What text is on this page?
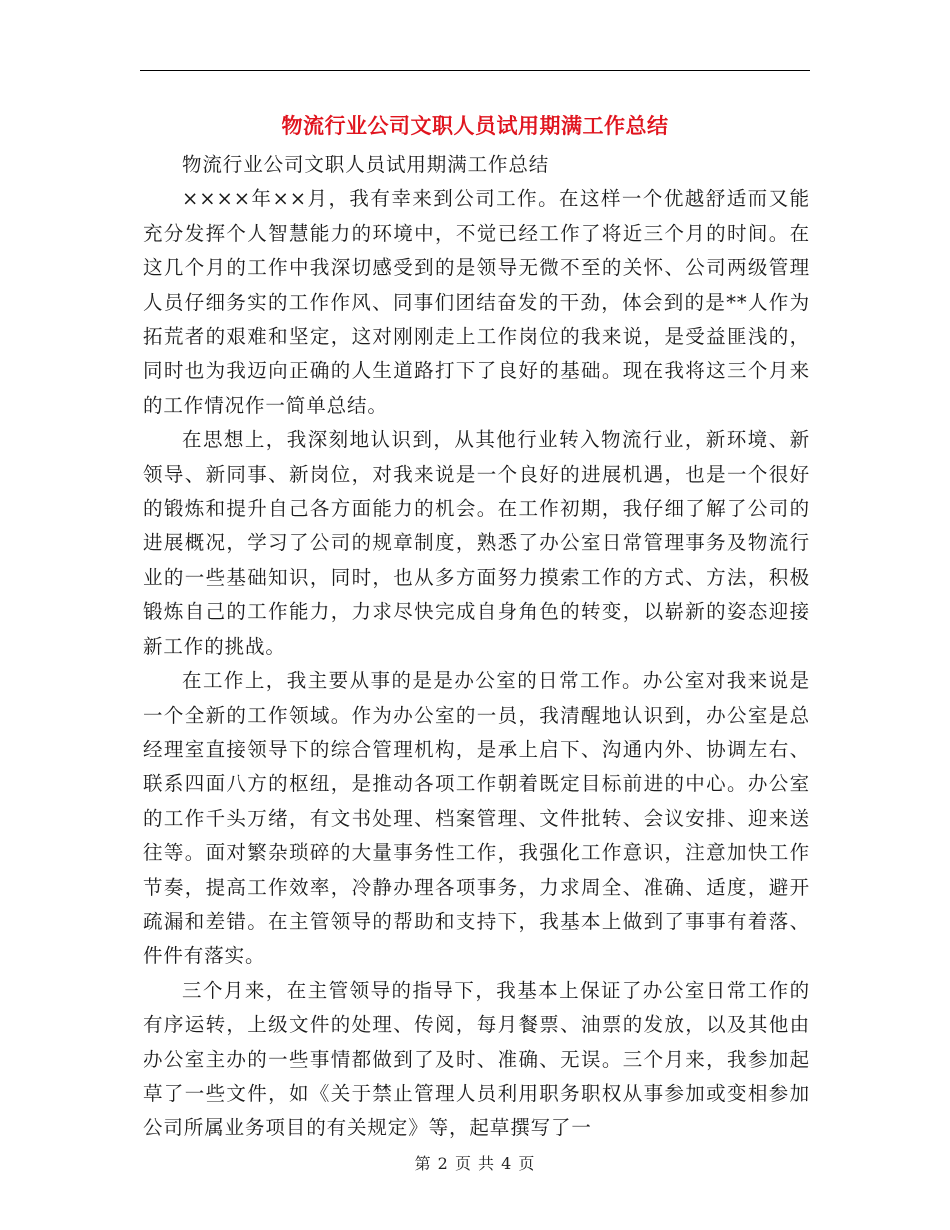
物流行业公司文职人员试用期满工作总结

物流行业公司文职人员试用期满工作总结

××××年××月，我有幸来到公司工作。在这样一个优越舒适而又能充分发挥个人智慧能力的环境中，不觉已经工作了将近三个月的时间。在这几个月的工作中我深切感受到的是领导无微不至的关怀、公司两级管理人员仔细务实的工作作风、同事们团结奋发的干劲，体会到的是**人作为拓荒者的艰难和坚定，这对刚刚走上工作岗位的我来说，是受益匪浅的，同时也为我迈向正确的人生道路打下了良好的基础。现在我将这三个月来的工作情况作一简单总结。

在思想上，我深刻地认识到，从其他行业转入物流行业，新环境、新领导、新同事、新岗位，对我来说是一个良好的进展机遇，也是一个很好的锻炼和提升自己各方面能力的机会。在工作初期，我仔细了解了公司的进展概况，学习了公司的规章制度，熟悉了办公室日常管理事务及物流行业的一些基础知识，同时，也从多方面努力摸索工作的方式、方法，积极锻炼自己的工作能力，力求尽快完成自身角色的转变，以崭新的姿态迎接新工作的挑战。

在工作上，我主要从事的是是办公室的日常工作。办公室对我来说是一个全新的工作领域。作为办公室的一员，我清醒地认识到，办公室是总经理室直接领导下的综合管理机构，是承上启下、沟通内外、协调左右、联系四面八方的枢纽，是推动各项工作朝着既定目标前进的中心。办公室的工作千头万绪，有文书处理、档案管理、文件批转、会议安排、迎来送往等。面对繁杂琐碎的大量事务性工作，我强化工作意识，注意加快工作节奏，提高工作效率，冷静办理各项事务，力求周全、准确、适度，避开疏漏和差错。在主管领导的帮助和支持下，我基本上做到了事事有着落、件件有落实。

三个月来，在主管领导的指导下，我基本上保证了办公室日常工作的有序运转，上级文件的处理、传阅，每月餐票、油票的发放，以及其他由办公室主办的一些事情都做到了及时、准确、无误。三个月来，我参加起草了一些文件，如《关于禁止管理人员利用职务职权从事参加或变相参加公司所属业务项目的有关规定》等，起草撰写了一

第 2 页 共 4 页
